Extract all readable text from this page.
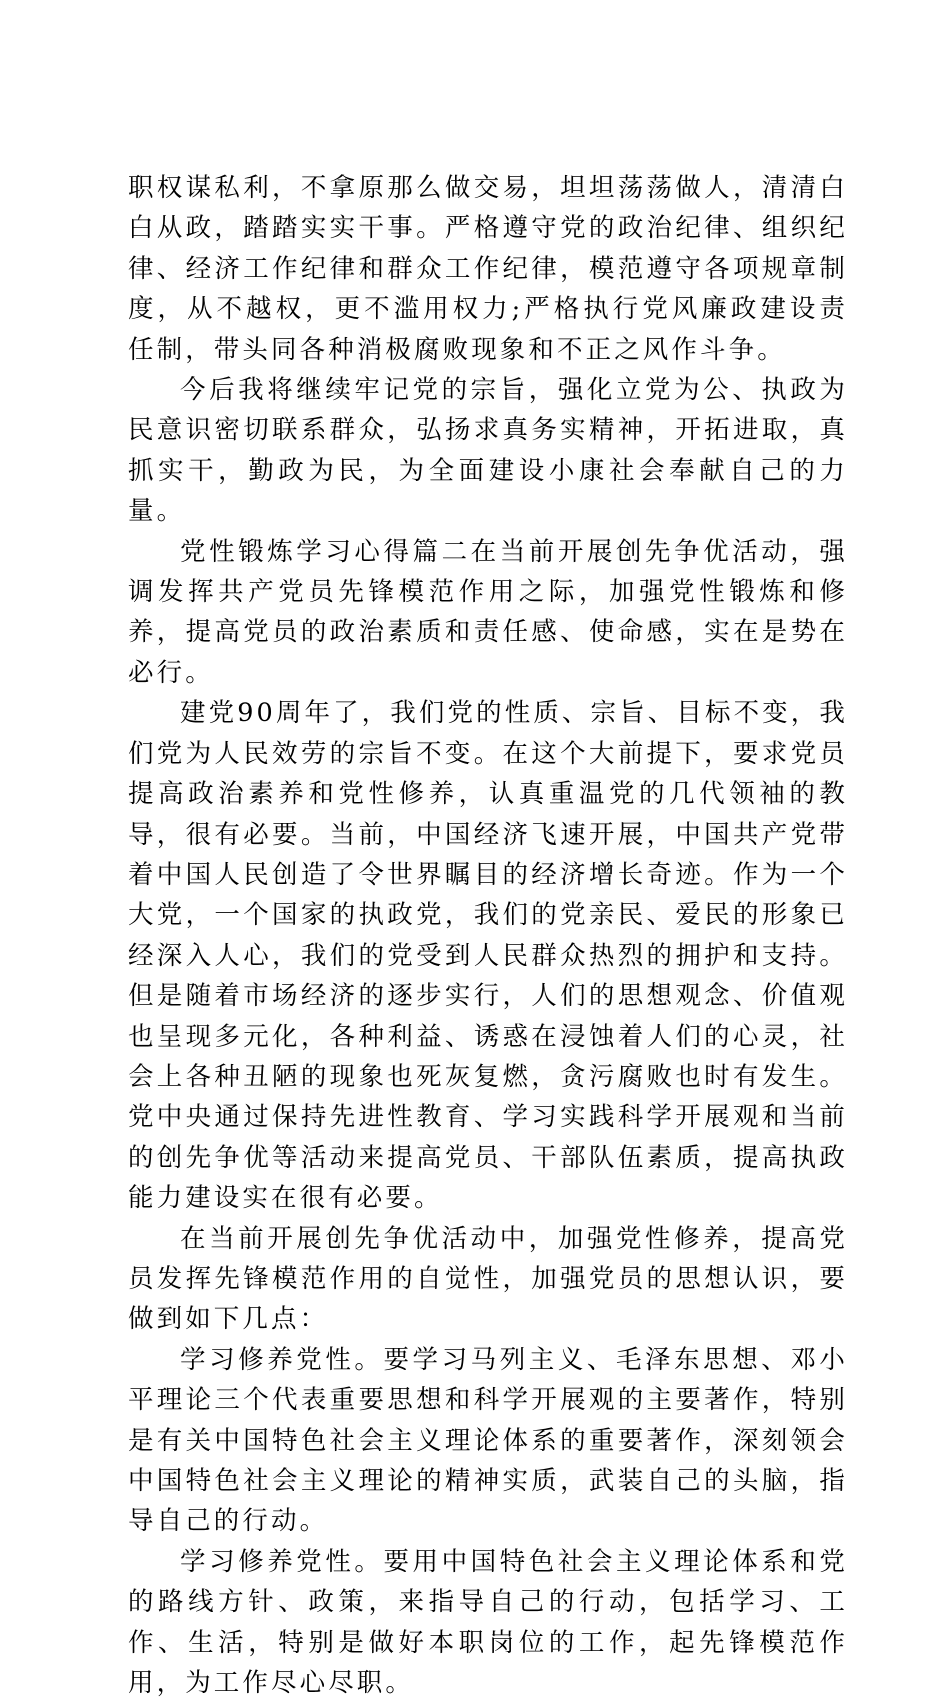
职权谋私利，不拿原那么做交易，坦坦荡荡做人，清清白白从政，踏踏实实干事。严格遵守党的政治纪律、组织纪律、经济工作纪律和群众工作纪律，模范遵守各项规章制度，从不越权，更不滥用权力;严格执行党风廉政建设责任制，带头同各种消极腐败现象和不正之风作斗争。

今后我将继续牢记党的宗旨，强化立党为公、执政为民意识密切联系群众，弘扬求真务实精神，开拓进取，真抓实干，勤政为民，为全面建设小康社会奉献自己的力量。

党性锻炼学习心得篇二在当前开展创先争优活动，强调发挥共产党员先锋模范作用之际，加强党性锻炼和修养，提高党员的政治素质和责任感、使命感，实在是势在必行。

建党90周年了，我们党的性质、宗旨、目标不变，我们党为人民效劳的宗旨不变。在这个大前提下，要求党员提高政治素养和党性修养，认真重温党的几代领袖的教导，很有必要。当前，中国经济飞速开展，中国共产党带着中国人民创造了令世界瞩目的经济增长奇迹。作为一个大党，一个国家的执政党，我们的党亲民、爱民的形象已经深入人心，我们的党受到人民群众热烈的拥护和支持。但是随着市场经济的逐步实行，人们的思想观念、价值观也呈现多元化，各种利益、诱惑在浸蚀着人们的心灵，社会上各种丑陋的现象也死灰复燃，贪污腐败也时有发生。党中央通过保持先进性教育、学习实践科学开展观和当前的创先争优等活动来提高党员、干部队伍素质，提高执政能力建设实在很有必要。

在当前开展创先争优活动中，加强党性修养，提高党员发挥先锋模范作用的自觉性，加强党员的思想认识，要做到如下几点：

学习修养党性。要学习马列主义、毛泽东思想、邓小平理论三个代表重要思想和科学开展观的主要著作，特别是有关中国特色社会主义理论体系的重要著作，深刻领会中国特色社会主义理论的精神实质，武装自己的头脑，指导自己的行动。

学习修养党性。要用中国特色社会主义理论体系和党的路线方针、政策，来指导自己的行动，包括学习、工作、生活，特别是做好本职岗位的工作，起先锋模范作用，为工作尽心尽职。
